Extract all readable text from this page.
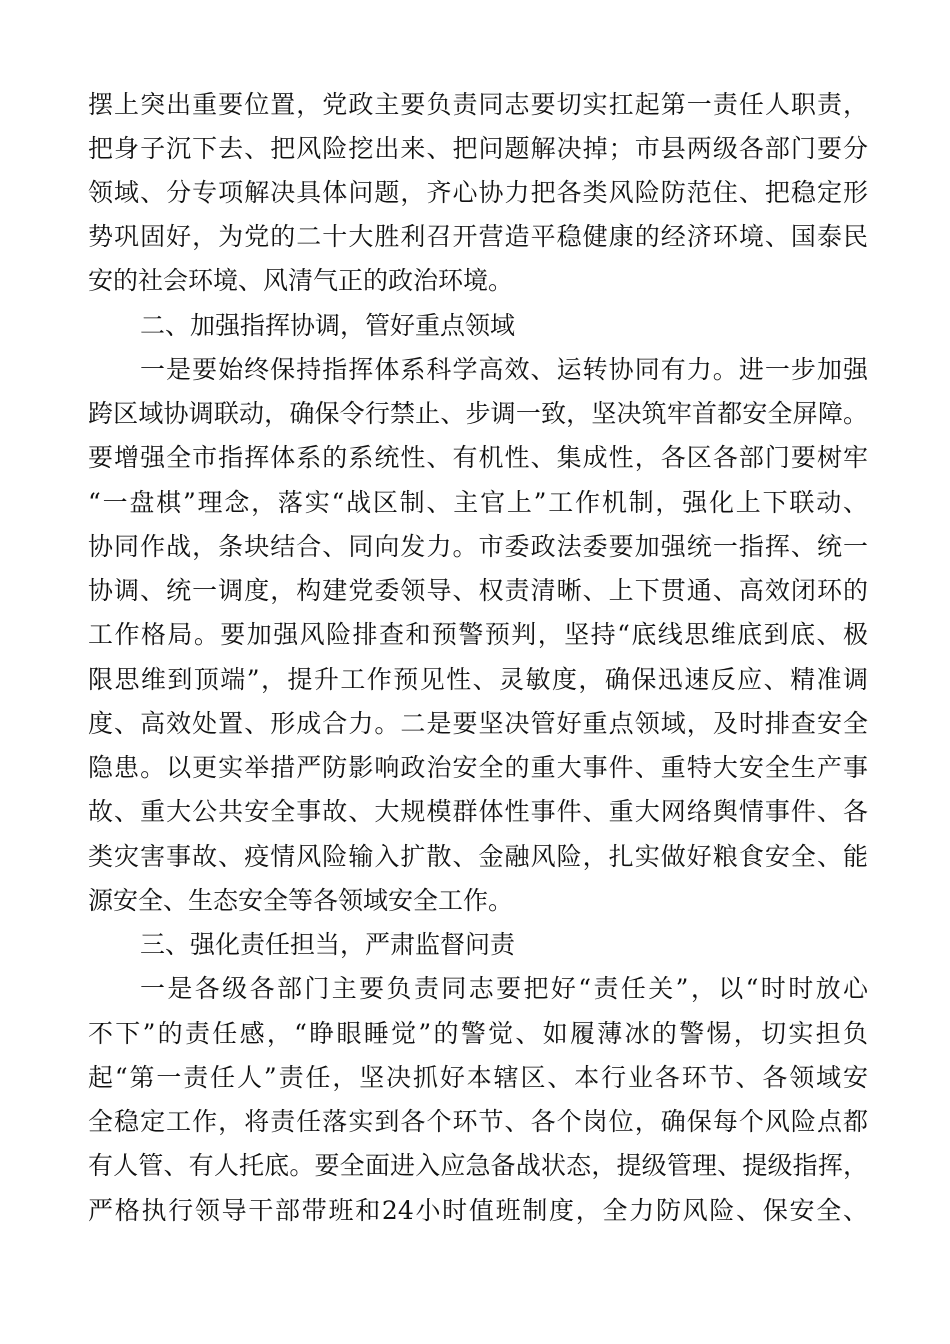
摆上突出重要位置，党政主要负责同志要切实扛起第一责任人职责，
把身子沉下去、把风险挖出来、把问题解决掉；市县两级各部门要分
领域、分专项解决具体问题，齐心协力把各类风险防范住、把稳定形
势巩固好，为党的二十大胜利召开营造平稳健康的经济环境、国泰民
安的社会环境、风清气正的政治环境。
二、加强指挥协调，管好重点领域
一是要始终保持指挥体系科学高效、运转协同有力。进一步加强
跨区域协调联动，确保令行禁止、步调一致，坚决筑牢首都安全屏障。
要增强全市指挥体系的系统性、有机性、集成性，各区各部门要树牢
“一盘棋”理念，落实“战区制、主官上”工作机制，强化上下联动、
协同作战，条块结合、同向发力。市委政法委要加强统一指挥、统一
协调、统一调度，构建党委领导、权责清晰、上下贯通、高效闭环的
工作格局。要加强风险排查和预警预判，坚持“底线思维底到底、极
限思维到顶端”，提升工作预见性、灵敏度，确保迅速反应、精准调
度、高效处置、形成合力。二是要坚决管好重点领域，及时排查安全
隐患。以更实举措严防影响政治安全的重大事件、重特大安全生产事
故、重大公共安全事故、大规模群体性事件、重大网络舆情事件、各
类灾害事故、疫情风险输入扩散、金融风险，扎实做好粮食安全、能
源安全、生态安全等各领域安全工作。
三、强化责任担当，严肃监督问责
一是各级各部门主要负责同志要把好“责任关”，以“时时放心
不下”的责任感，“睁眼睡觉”的警觉、如履薄冰的警惕，切实担负
起“第一责任人”责任，坚决抓好本辖区、本行业各环节、各领域安
全稳定工作，将责任落实到各个环节、各个岗位，确保每个风险点都
有人管、有人托底。要全面进入应急备战状态，提级管理、提级指挥，
严格执行领导干部带班和24小时值班制度，全力防风险、保安全、
